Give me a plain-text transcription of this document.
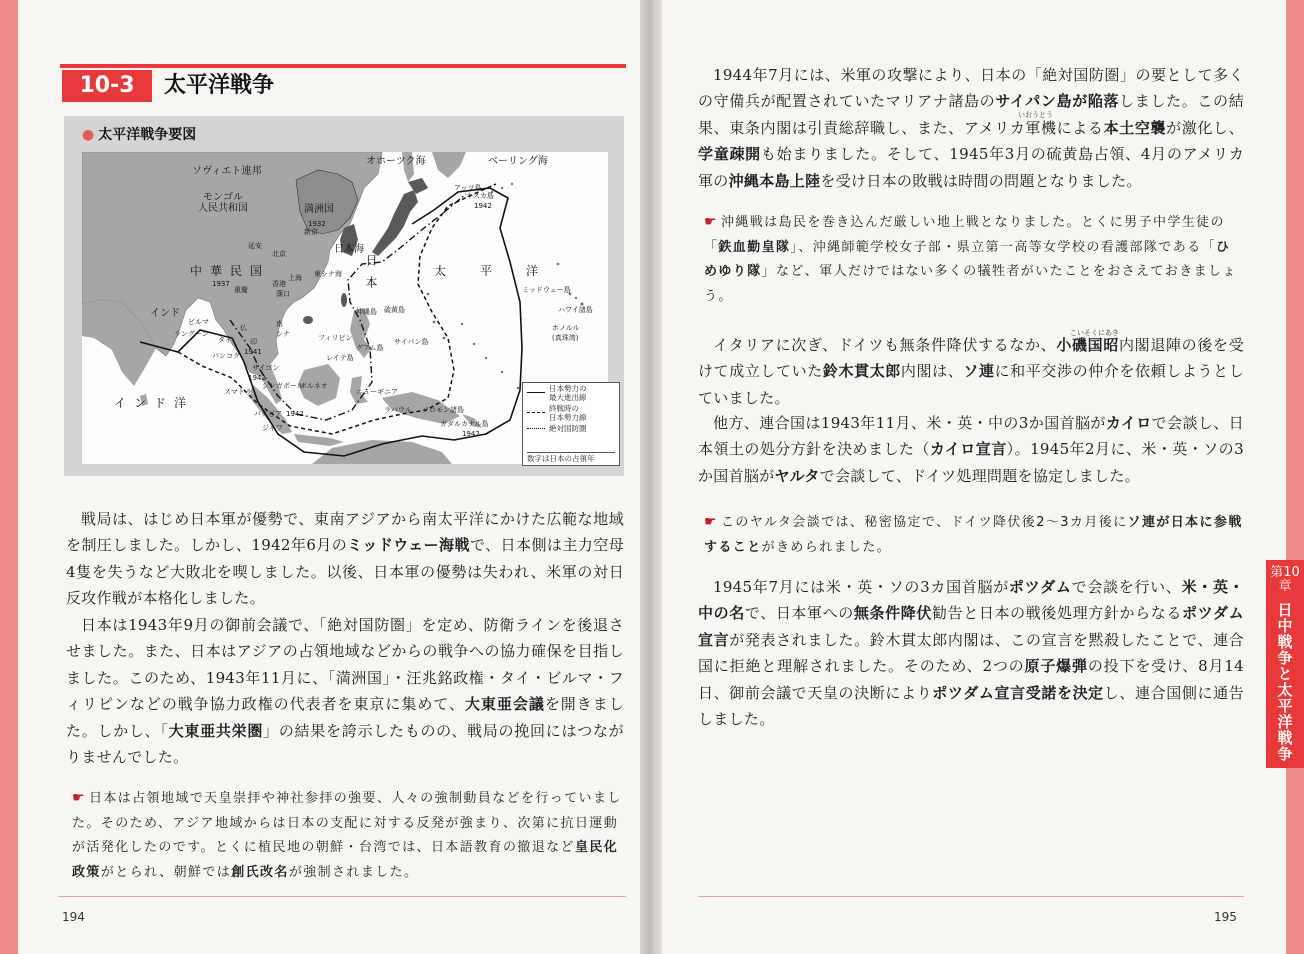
10-3	太平洋戦争
● 太平洋戦争要図
ソヴィエト連邦
モンゴル
人民共和国	満洲国
1932
新京
延安
北京
中華民国
1937
重慶
上海
香港
漢口
インド
ビルマ
ラングーン
タイ
バンコク 1941
仏
印
南
シナ
サイゴン
1942
シンガポール
スマトラ
ボルネオ
バタビア 1942
ジャワ
インド洋
日本海
東シナ海 日本	太平洋
オホーツク海	ベーリング海
アッツ島
キスカ島
1942
ミッドウェー島
ハワイ諸島
ホノルル
(真珠湾)
硫黄島
沖縄島
フィリピン
レイテ島
グアム島
サイパン島
ニューギニア
ラバウル ソロモン諸島
ガダルカナル島
1942
日本勢力の
最大進出線
終戦時の
日本勢力線
絶対国防圏
数字は日本の占領年

戦局は、はじめ日本軍が優勢で、東南アジアから南太平洋にかけた広範な地域を制圧しました。しかし、1942年6月のミッドウェー海戦で、日本側は主力空母4隻を失うなど大敗北を喫しました。以後、日本軍の優勢は失われ、米軍の対日反攻作戦が本格化しました。

日本は1943年9月の御前会議で、「絶対国防圏」を定め、防衛ラインを後退させました。また、日本はアジアの占領地域などからの戦争への協力確保を目指しました。このため、1943年11月に、「満洲国」・汪兆銘政権・タイ・ビルマ・フィリピンなどの戦争協力政権の代表者を東京に集めて、大東亜会議を開きました。しかし、「大東亜共栄圏」の結果を誇示したものの、戦局の挽回にはつながりませんでした。

☛ 日本は占領地域で天皇崇拝や神社参拝の強要、人々の強制動員などを行っていました。そのため、アジア地域からは日本の支配に対する反発が強まり、次第に抗日運動が活発化したのです。とくに植民地の朝鮮・台湾では、日本語教育の撤退など皇民化政策がとられ、朝鮮では創氏改名が強制されました。

194
いおうとう

1944年7月には、米軍の攻撃により、日本の「絶対国防圏」の要として多くの守備兵が配置されていたマリアナ諸島のサイパン島が陥落しました。この結果、東条内閣は引責総辞職し、また、アメリカ軍機による本土空襲が激化し、学童疎開も始まりました。そして、1945年3月の硫黄島占領、4月のアメリカ軍の沖縄本島上陸を受け日本の敗戦は時間の問題となりました。

☛ 沖縄戦は島民を巻き込んだ厳しい地上戦となりました。とくに男子中学生徒の「鉄血勤皇隊」、沖縄師範学校女子部・県立第一高等女学校の看護部隊である「ひめゆり隊」など、軍人だけではない多くの犠牲者がいたことをおさえておきましょう。

こいそくにあき

イタリアに次ぎ、ドイツも無条件降伏するなか、小磯国昭内閣退陣の後を受けて成立していた鈴木貫太郎内閣は、ソ連に和平交渉の仲介を依頼しようとしていました。

他方、連合国は1943年11月、米・英・中の3か国首脳がカイロで会談し、日本領土の処分方針を決めました（カイロ宣言）。1945年2月に、米・英・ソの3か国首脳がヤルタで会談して、ドイツ処理問題を協定しました。

☛ このヤルタ会談では、秘密協定で、ドイツ降伏後2〜3カ月後にソ連が日本に参戦することがきめられました。

1945年7月には米・英・ソの3カ国首脳がポツダムで会談を行い、米・英・中の名で、日本軍への無条件降伏勧告と日本の戦後処理方針からなるポツダム宣言が発表されました。鈴木貫太郎内閣は、この宣言を黙殺したことで、連合国に拒絶と理解されました。そのため、2つの原子爆弾の投下を受け、8月14日、御前会議で天皇の決断によりポツダム宣言受諾を決定し、連合国側に通告しました。

195
第10章
日中戦争と太平洋戦争
